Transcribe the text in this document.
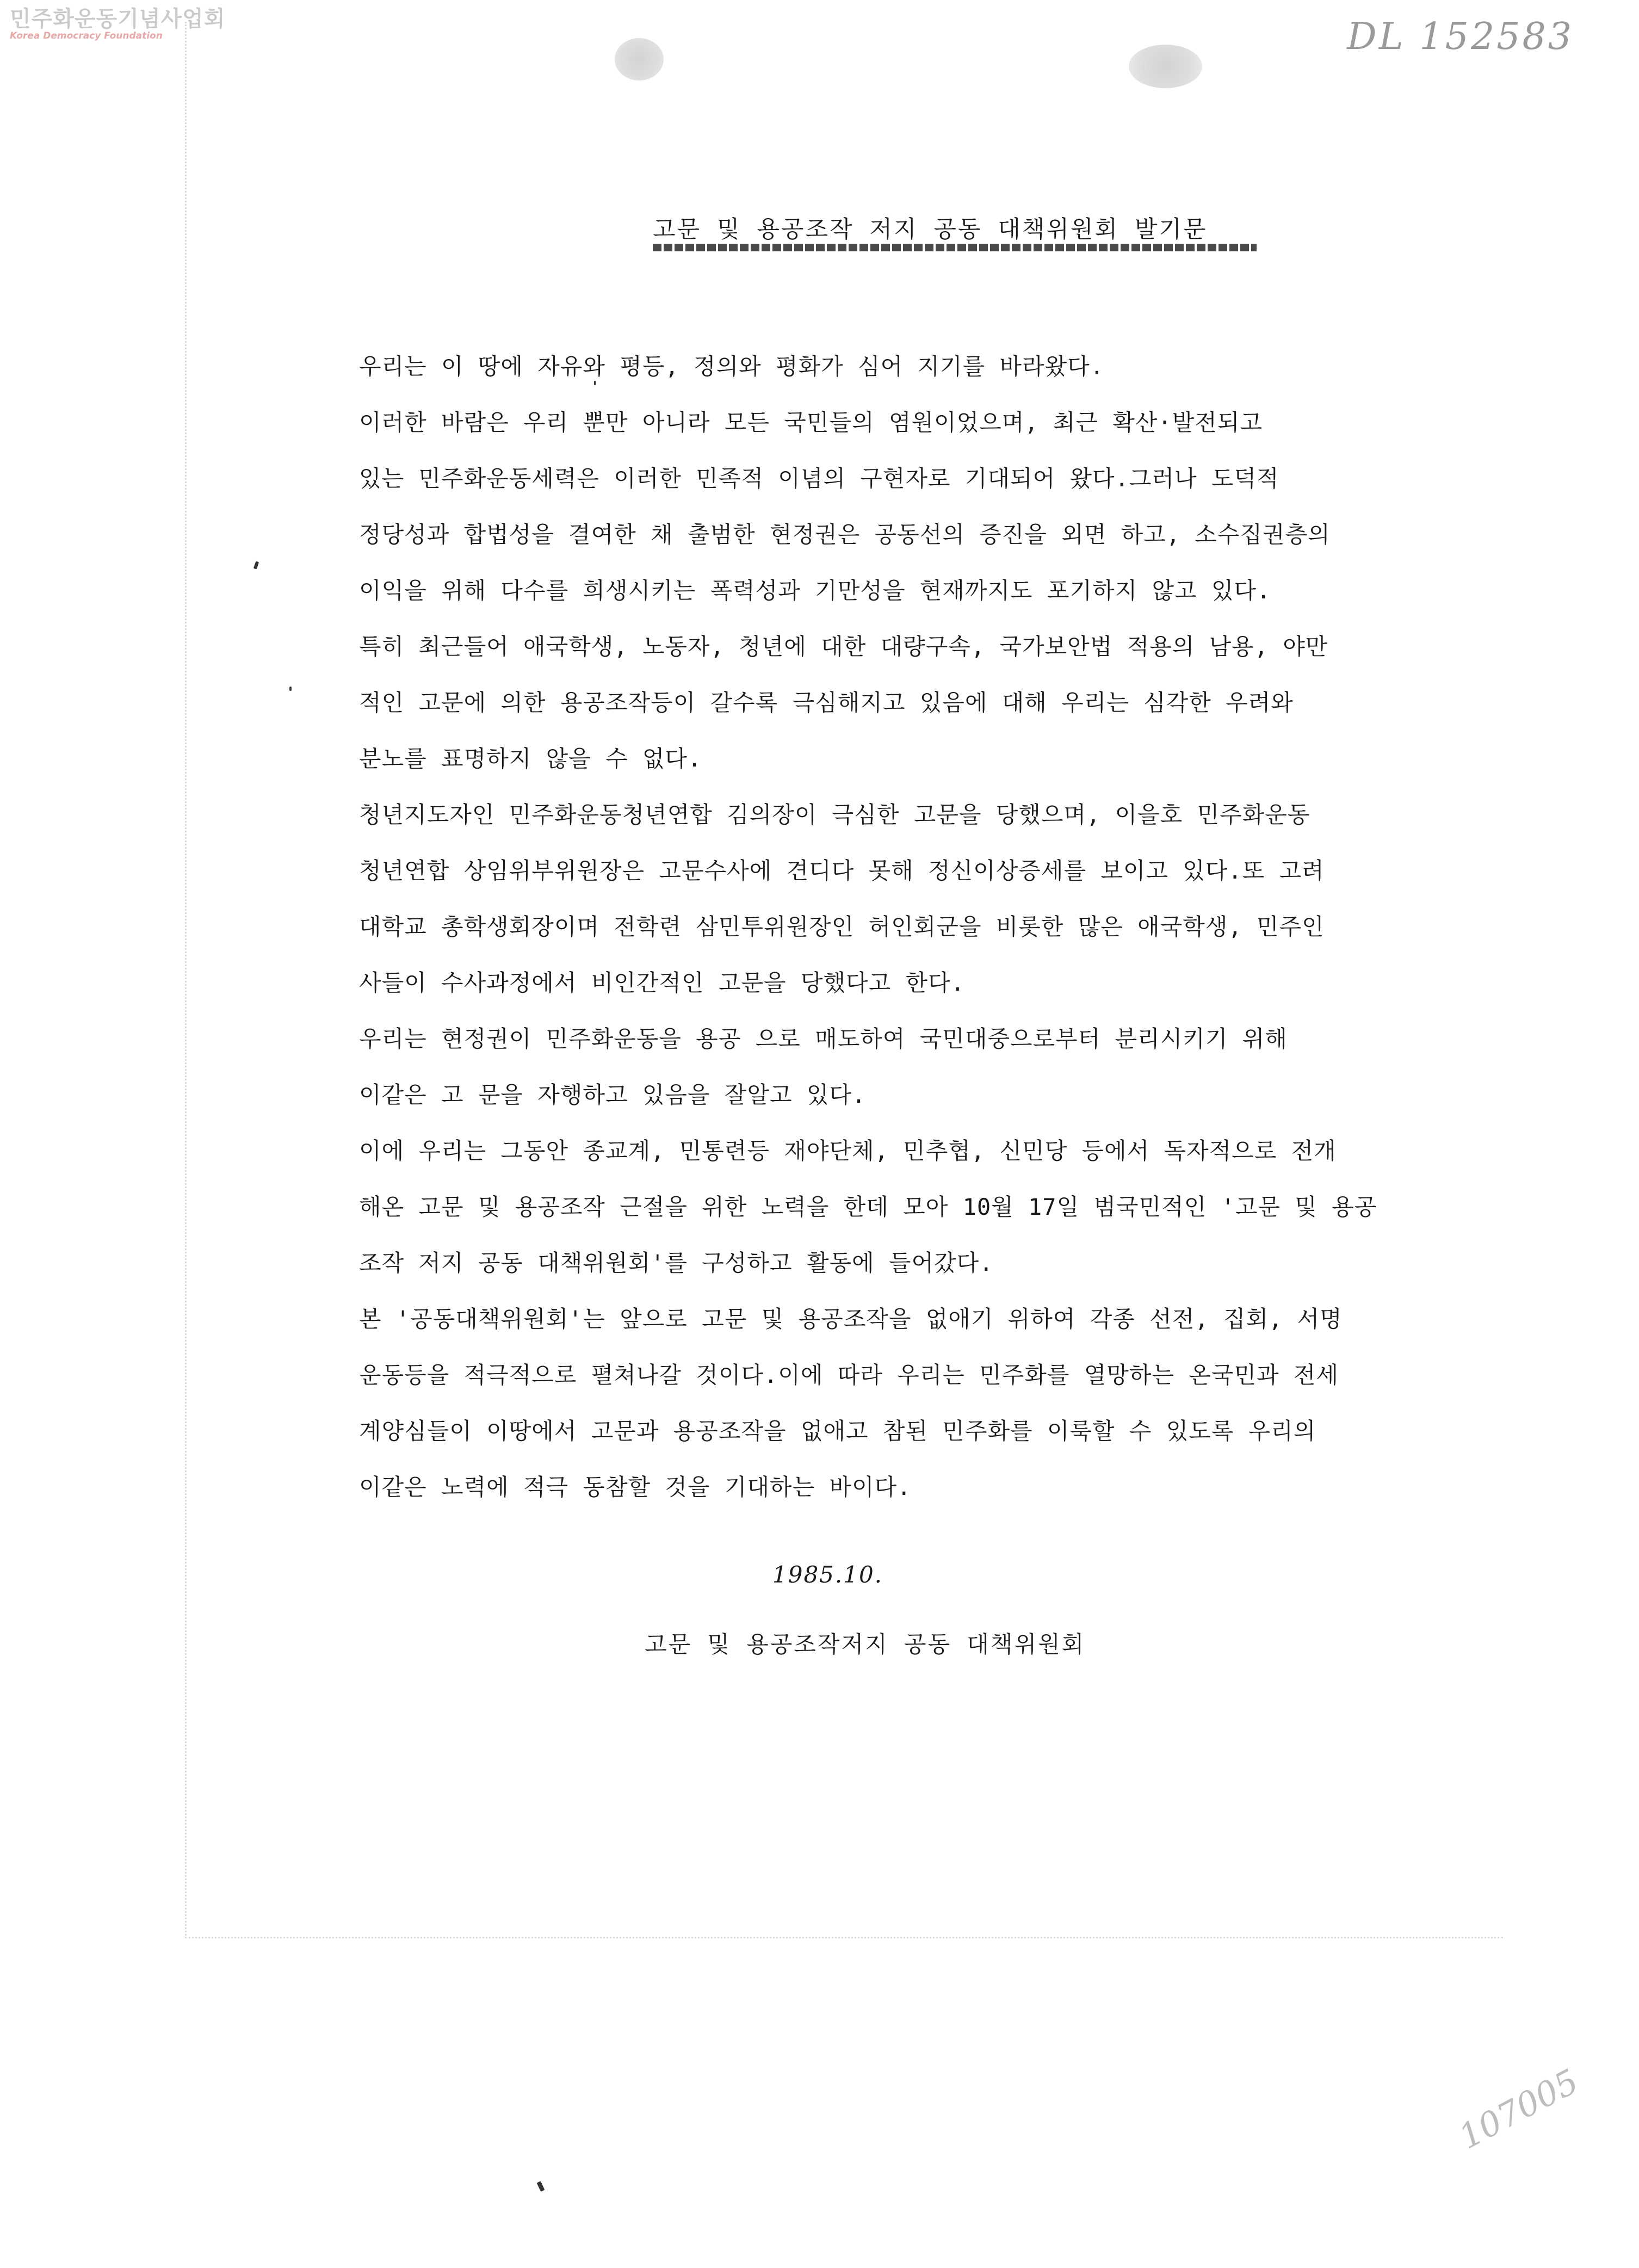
민주화운동기념사업회
Korea Democracy Foundation	DL 152583
고문 및 용공조작 저지 공동 대책위원회 발기문
우리는 이 땅에 자유와 평등, 정의와 평화가 심어 지기를 바라왔다.
이러한 바람은 우리 뿐만 아니라 모든 국민들의 염원이었으며, 최근 확산·발전되고
있는 민주화운동세력은 이러한 민족적 이념의 구현자로 기대되어 왔다.그러나 도덕적
정당성과 합법성을 결여한 채 출범한 현정권은 공동선의 증진을 외면 하고, 소수집권층의
이익을 위해 다수를 희생시키는 폭력성과 기만성을 현재까지도 포기하지 않고 있다.
특히 최근들어 애국학생, 노동자, 청년에 대한 대량구속, 국가보안법 적용의 남용, 야만
적인 고문에 의한 용공조작등이 갈수록 극심해지고 있음에 대해 우리는 심각한 우려와
분노를 표명하지 않을 수 없다.
청년지도자인 민주화운동청년연합 김의장이 극심한 고문을 당했으며, 이을호 민주화운동
청년연합 상임위부위원장은 고문수사에 견디다 못해 정신이상증세를 보이고 있다.또 고려
대학교 총학생회장이며 전학련 삼민투위원장인 허인회군을 비롯한 많은 애국학생, 민주인
사들이 수사과정에서 비인간적인 고문을 당했다고 한다.
우리는 현정권이 민주화운동을 용공 으로 매도하여 국민대중으로부터 분리시키기 위해
이같은 고 문을 자행하고 있음을 잘알고 있다.
이에 우리는 그동안 종교계, 민통련등 재야단체, 민추협, 신민당 등에서 독자적으로 전개
해온 고문 및 용공조작 근절을 위한 노력을 한데 모아 10월 17일 범국민적인 '고문 및 용공
조작 저지 공동 대책위원회'를 구성하고 활동에 들어갔다.
본 '공동대책위원회'는 앞으로 고문 및 용공조작을 없애기 위하여 각종 선전, 집회, 서명
운동등을 적극적으로 펼쳐나갈 것이다.이에 따라 우리는 민주화를 열망하는 온국민과 전세
계양심들이 이땅에서 고문과 용공조작을 없애고 참된 민주화를 이룩할 수 있도록 우리의
이같은 노력에 적극 동참할 것을 기대하는 바이다.
1985.10.
고문 및 용공조작저지 공동 대책위원회
107005
